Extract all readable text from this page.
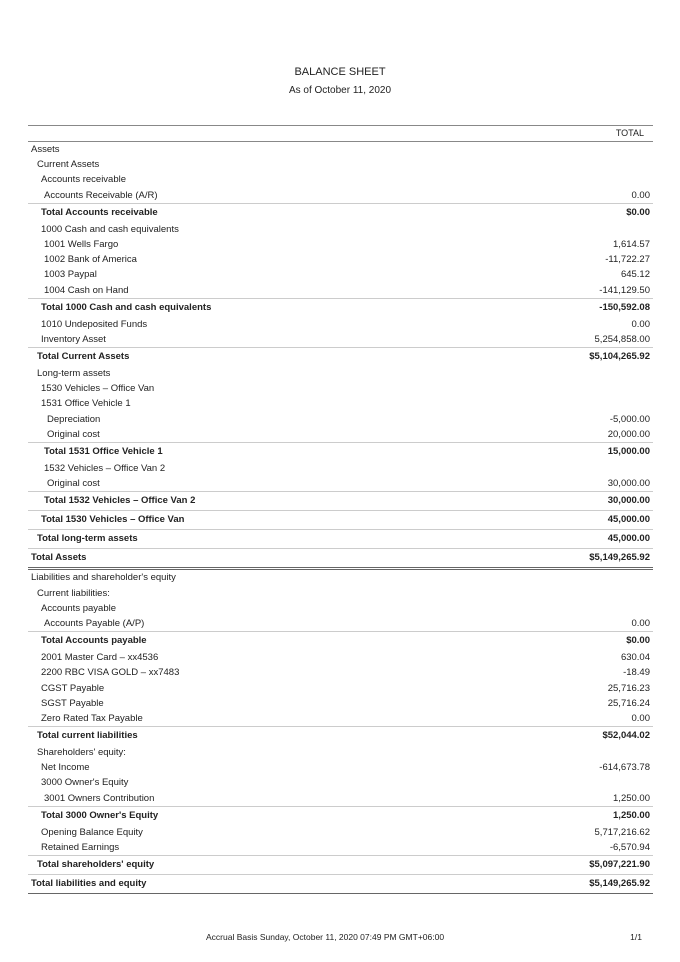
BALANCE SHEET
As of October 11, 2020
TOTAL
Assets
Current Assets
Accounts receivable
Accounts Receivable (A/R)	0.00
Total Accounts receivable	$0.00
1000 Cash and cash equivalents
1001 Wells Fargo	1,614.57
1002 Bank of America	-11,722.27
1003 Paypal	645.12
1004 Cash on Hand	-141,129.50
Total 1000 Cash and cash equivalents	-150,592.08
1010 Undeposited Funds	0.00
Inventory Asset	5,254,858.00
Total Current Assets	$5,104,265.92
Long-term assets
1530 Vehicles – Office Van
1531 Office Vehicle 1
Depreciation	-5,000.00
Original cost	20,000.00
Total 1531 Office Vehicle 1	15,000.00
1532 Vehicles – Office Van 2
Original cost	30,000.00
Total 1532 Vehicles – Office Van 2	30,000.00
Total 1530 Vehicles – Office Van	45,000.00
Total long-term assets	45,000.00
Total Assets	$5,149,265.92
Liabilities and shareholder's equity
Current liabilities:
Accounts payable
Accounts Payable (A/P)	0.00
Total Accounts payable	$0.00
2001 Master Card – xx4536	630.04
2200 RBC VISA GOLD – xx7483	-18.49
CGST Payable	25,716.23
SGST Payable	25,716.24
Zero Rated Tax Payable	0.00
Total current liabilities	$52,044.02
Shareholders' equity:
Net Income	-614,673.78
3000 Owner's Equity
3001 Owners Contribution	1,250.00
Total 3000 Owner's Equity	1,250.00
Opening Balance Equity	5,717,216.62
Retained Earnings	-6,570.94
Total shareholders' equity	$5,097,221.90
Total liabilities and equity	$5,149,265.92
Accrual Basis Sunday, October 11, 2020 07:49 PM GMT+06:00	1/1
